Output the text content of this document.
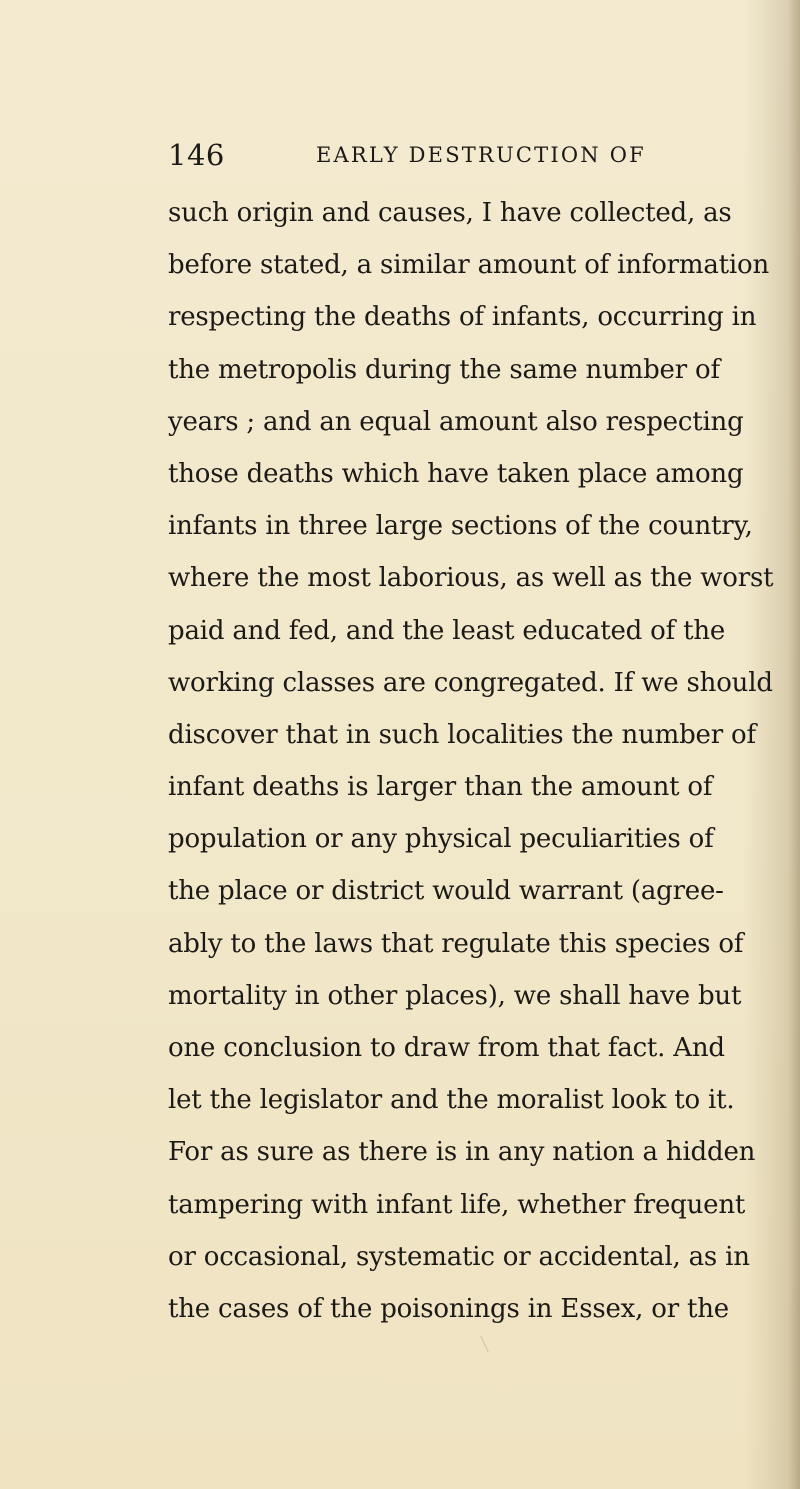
146	EARLY DESTRUCTION OF
such origin and causes, I have collected, as
before stated, a similar amount of information
respecting the deaths of infants, occurring in
the metropolis during the same number of
years ; and an equal amount also respecting
those deaths which have taken place among
infants in three large sections of the country,
where the most laborious, as well as the worst
paid and fed, and the least educated of the
working classes are congregated. If we should
discover that in such localities the number of
infant deaths is larger than the amount of
population or any physical peculiarities of
the place or district would warrant (agree-
ably to the laws that regulate this species of
mortality in other places), we shall have but
one conclusion to draw from that fact. And
let the legislator and the moralist look to it.
For as sure as there is in any nation a hidden
tampering with infant life, whether frequent
or occasional, systematic or accidental, as in
the cases of the poisonings in Essex, or the
